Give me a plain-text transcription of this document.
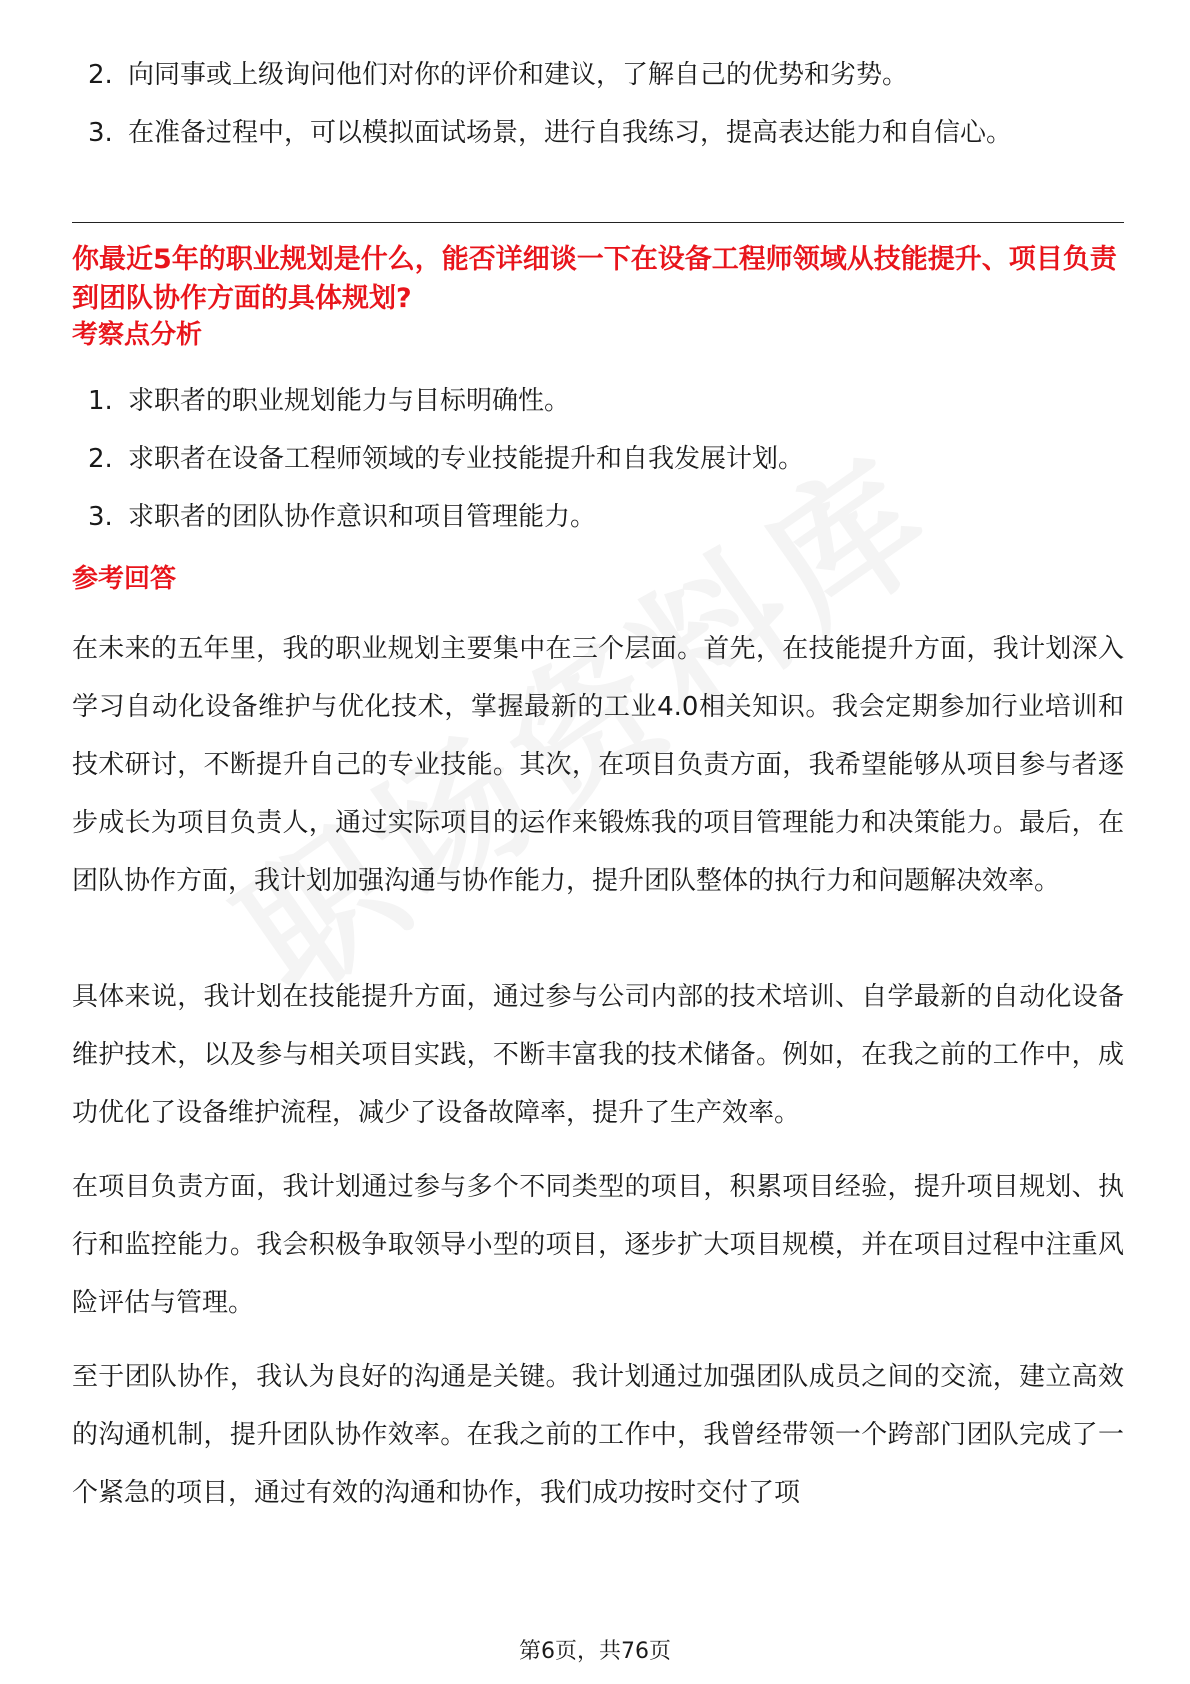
2. 向同事或上级询问他们对你的评价和建议，了解自己的优势和劣势。
3. 在准备过程中，可以模拟面试场景，进行自我练习，提高表达能力和自信心。

你最近5年的职业规划是什么，能否详细谈一下在设备工程师领域从技能提升、项目负责到团队协作方面的具体规划?

考察点分析

1. 求职者的职业规划能力与目标明确性。
2. 求职者在设备工程师领域的专业技能提升和自我发展计划。
3. 求职者的团队协作意识和项目管理能力。

参考回答

在未来的五年里，我的职业规划主要集中在三个层面。首先，在技能提升方面，我计划深入学习自动化设备维护与优化技术，掌握最新的工业4.0相关知识。我会定期参加行业培训和技术研讨，不断提升自己的专业技能。其次，在项目负责方面，我希望能够从项目参与者逐步成长为项目负责人，通过实际项目的运作来锻炼我的项目管理能力和决策能力。最后，在团队协作方面，我计划加强沟通与协作能力，提升团队整体的执行力和问题解决效率。

具体来说，我计划在技能提升方面，通过参与公司内部的技术培训、自学最新的自动化设备维护技术，以及参与相关项目实践，不断丰富我的技术储备。例如，在我之前的工作中，成功优化了设备维护流程，减少了设备故障率，提升了生产效率。

在项目负责方面，我计划通过参与多个不同类型的项目，积累项目经验，提升项目规划、执行和监控能力。我会积极争取领导小型的项目，逐步扩大项目规模，并在项目过程中注重风险评估与管理。

至于团队协作，我认为良好的沟通是关键。我计划通过加强团队成员之间的交流，建立高效的沟通机制，提升团队协作效率。在我之前的工作中，我曾经带领一个跨部门团队完成了一个紧急的项目，通过有效的沟通和协作，我们成功按时交付了项

第6页，共76页
